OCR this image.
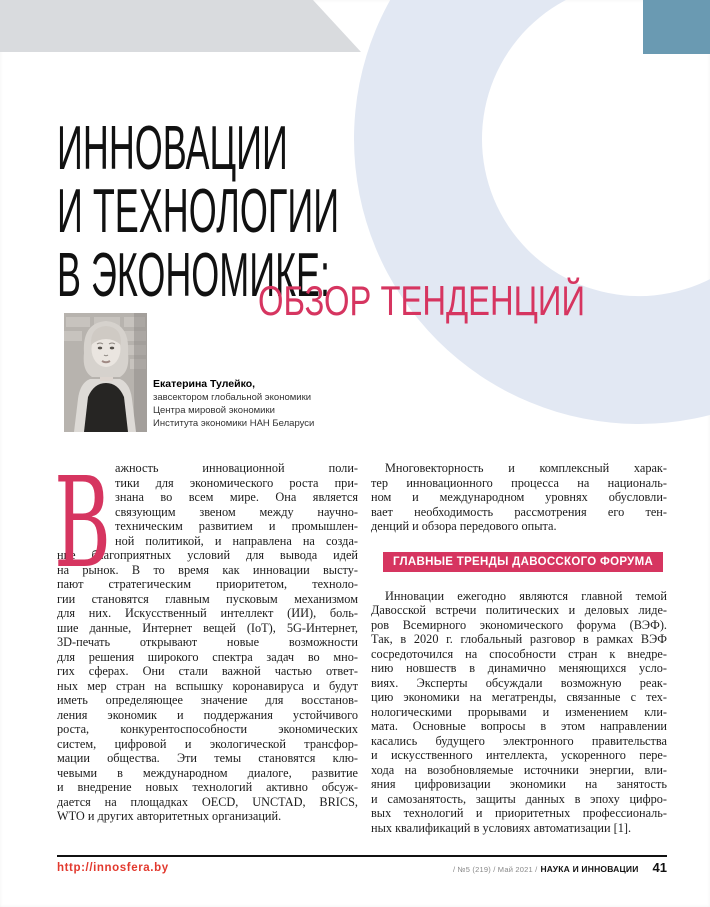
ИННОВАЦИИ
И ТЕХНОЛОГИИ
В ЭКОНОМИКЕ:
ОБЗОР ТЕНДЕНЦИЙ
Екатерина Тулейко,
завсектором глобальной экономики
Центра мировой экономики
Института экономики НАН Беларуси
В ажность инновационной поли-
тики для экономического роста при-
знана во всем мире. Она является
связующим звеном между научно-
техническим развитием и промышлен-
ной политикой, и направлена на созда-
ние благоприятных условий для вывода идей
на рынок. В то время как инновации высту-
пают стратегическим приоритетом, техноло-
гии становятся главным пусковым механизмом
для них. Искусственный интеллект (ИИ), боль-
шие данные, Интернет вещей (IoT), 5G-Интернет,
3D-печать открывают новые возможности
для решения широкого спектра задач во мно-
гих сферах. Они стали важной частью ответ-
ных мер стран на вспышку коронавируса и будут
иметь определяющее значение для восстанов-
ления экономик и поддержания устойчивого
роста, конкурентоспособности экономических
систем, цифровой и экологической трансфор-
мации общества. Эти темы становятся клю-
чевыми в международном диалоге, развитие
и внедрение новых технологий активно обсуж-
дается на площадках OECD, UNCTAD, BRICS,
WTO и других авторитетных организаций.
Многовекторность и комплексный харак-
тер инновационного процесса на националь-
ном и международном уровнях обусловли-
вает необходимость рассмотрения его тен-
денций и обзора передового опыта.
ГЛАВНЫЕ ТРЕНДЫ ДАВОССКОГО ФОРУМА
Инновации ежегодно являются главной темой
Давосской встречи политических и деловых лиде-
ров Всемирного экономического форума (ВЭФ).
Так, в 2020 г. глобальный разговор в рамках ВЭФ
сосредоточился на способности стран к внедре-
нию новшеств в динамично меняющихся усло-
виях. Эксперты обсуждали возможную реак-
цию экономики на мегатренды, связанные с тех-
нологическими прорывами и изменением кли-
мата. Основные вопросы в этом направлении
касались будущего электронного правительства
и искусственного интеллекта, ускоренного пере-
хода на возобновляемые источники энергии, вли-
яния цифровизации экономики на занятость
и самозанятость, защиты данных в эпоху цифро-
вых технологий и приоритетных профессиональ-
ных квалификаций в условиях автоматизации [1].
http://innosfera.by	/ №5 (219) / Май 2021 / НАУКА И ИННОВАЦИИ 41
